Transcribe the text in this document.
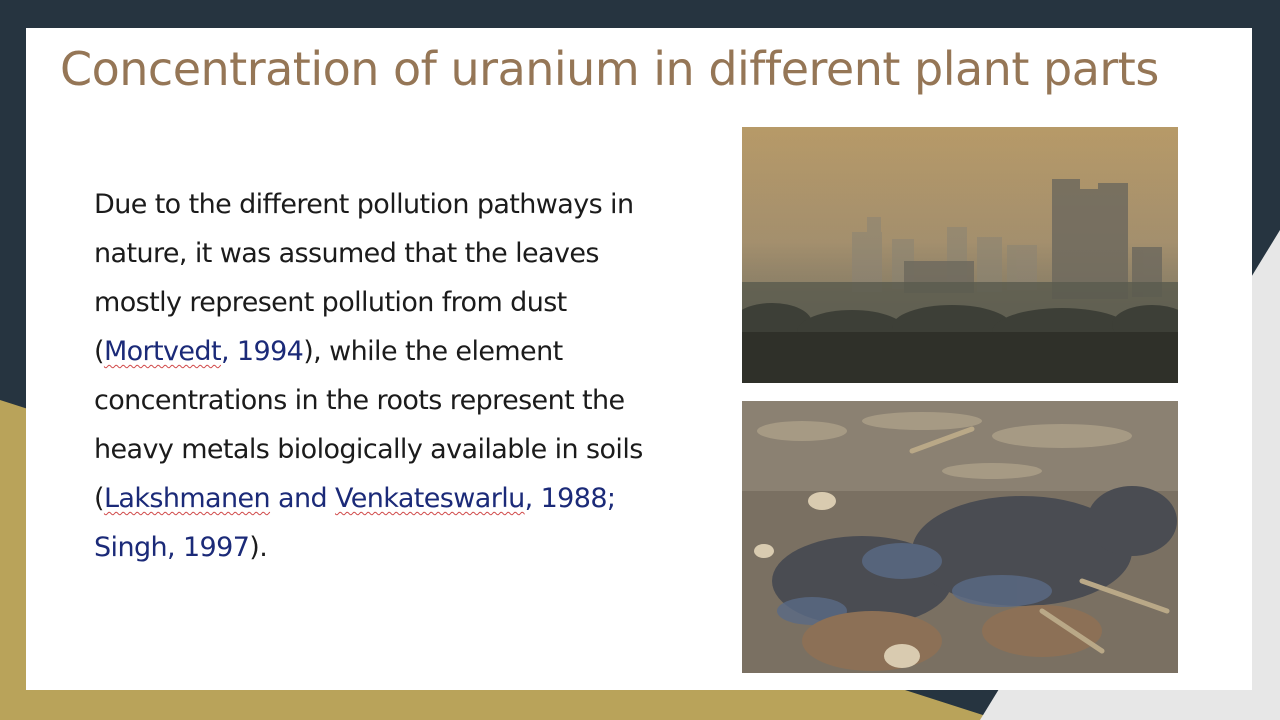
Concentration of uranium in different plant parts

Due to the different pollution pathways in nature, it was assumed that the leaves mostly represent pollution from dust (Mortvedt, 1994), while the element concentrations in the roots represent the heavy metals biologically available in soils (Lakshmanen and Venkateswarlu, 1988; Singh, 1997).
